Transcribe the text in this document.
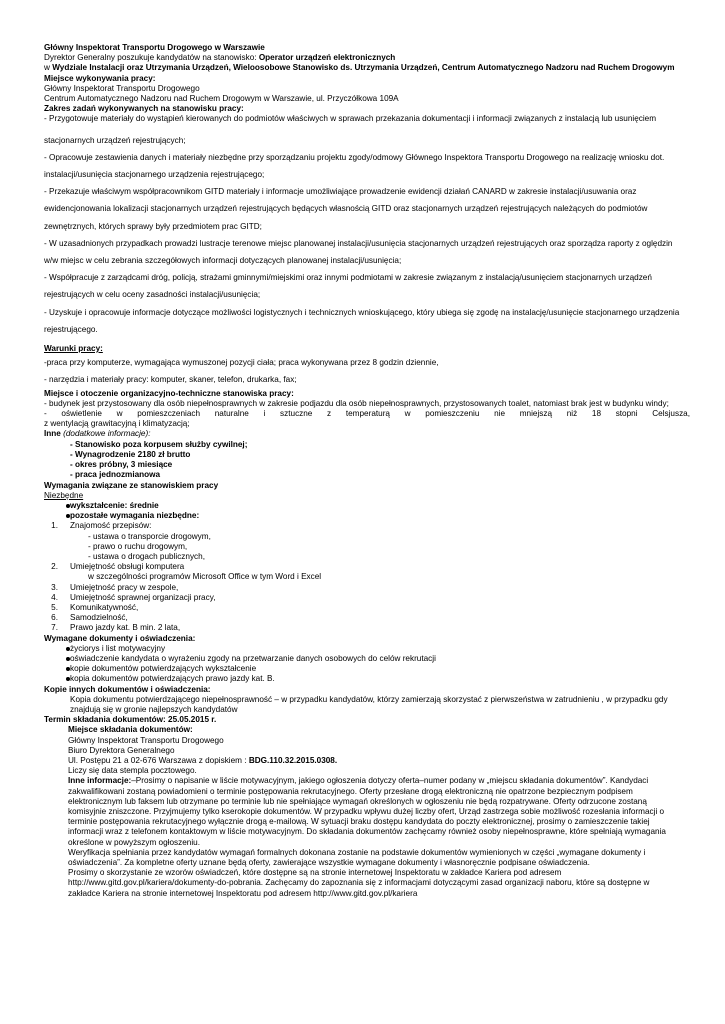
Główny Inspektorat Transportu Drogowego w Warszawie

Dyrektor Generalny poszukuje kandydatów na stanowisko: Operator urządzeń elektronicznych

w Wydziale Instalacji oraz Utrzymania Urządzeń, Wieloosobowe Stanowisko ds. Utrzymania Urządzeń, Centrum Automatycznego Nadzoru nad Ruchem Drogowym

Miejsce wykonywania pracy:

Główny Inspektorat Transportu Drogowego

Centrum Automatycznego Nadzoru nad Ruchem Drogowym w Warszawie, ul. Przyczółkowa 109A

Zakres zadań wykonywanych na stanowisku pracy:

- Przygotowuje materiały do wystąpień kierowanych do podmiotów właściwych w sprawach przekazania dokumentacji i informacji związanych z instalacją lub usunięciem

stacjonarnych urządzeń rejestrujących;

- Opracowuje zestawienia danych i materiały niezbędne przy sporządzaniu projektu zgody/odmowy Głównego Inspektora Transportu Drogowego na realizację wniosku dot.

instalacji/usunięcia stacjonarnego urządzenia rejestrującego;

- Przekazuje właściwym współpracownikom GITD materiały i informacje umożliwiające prowadzenie ewidencji działań CANARD w zakresie instalacji/usuwania oraz

ewidencjonowania lokalizacji stacjonarnych urządzeń rejestrujących będących własnością GITD oraz stacjonarnych urządzeń rejestrujących należących do podmiotów

zewnętrznych, których sprawy były przedmiotem prac GITD;

- W uzasadnionych przypadkach prowadzi lustracje terenowe miejsc planowanej instalacji/usunięcia stacjonarnych urządzeń rejestrujących oraz sporządza raporty z oględzin

w/w miejsc w celu zebrania szczegółowych informacji dotyczących planowanej instalacji/usunięcia;

- Współpracuje z zarządcami dróg, policją, strażami gminnymi/miejskimi oraz innymi podmiotami w zakresie związanym z instalacją/usunięciem stacjonarnych urządzeń

rejestrujących w celu oceny zasadności instalacji/usunięcia;

- Uzyskuje i opracowuje informacje dotyczące możliwości logistycznych i technicznych wnioskującego, który ubiega się zgodę na instalację/usunięcie stacjonarnego urządzenia

rejestrującego.

Warunki pracy:

-praca przy komputerze, wymagająca wymuszonej pozycji ciała; praca wykonywana przez 8 godzin dziennie,

- narzędzia i materiały pracy: komputer, skaner, telefon, drukarka, fax;

Miejsce i otoczenie organizacyjno-techniczne stanowiska pracy:

- budynek jest przystosowany dla osób niepełnosprawnych w zakresie podjazdu dla osób niepełnosprawnych, przystosowanych toalet, natomiast brak jest w budynku windy;

- oświetlenie w pomieszczeniach naturalne i sztuczne z temperaturą w pomieszczeniu nie mniejszą niż 18 stopni Celsjusza,

z wentylacją grawitacyjną i klimatyzacją;

Inne (dodatkowe informacje):

- Stanowisko poza korpusem służby cywilnej;

- Wynagrodzenie 2180 zł brutto

- okres próbny, 3 miesiące

- praca jednozmianowa

Wymagania związane ze stanowiskiem pracy

Niezbędne

wykształcenie: średnie
pozostałe wymagania niezbędne:
1.	Znajomość przepisów:

- ustawa o transporcie drogowym,

- prawo o ruchu drogowym,

- ustawa o drogach publicznych,

2.	Umiejętność obsługi komputera

w szczególności programów Microsoft Office w tym Word i Excel

3.	Umiejętność pracy w zespole,
4.	Umiejętność sprawnej organizacji pracy,
5.	Komunikatywność,
6.	Samodzielność,
7.	Prawo jazdy kat. B min. 2 lata,

Wymagane dokumenty i oświadczenia:

życiorys i list motywacyjny
oświadczenie kandydata o wyrażeniu zgody na przetwarzanie danych osobowych do celów rekrutacji
kopie dokumentów potwierdzających wykształcenie
kopia dokumentów potwierdzających prawo jazdy kat. B.

Kopie innych dokumentów i oświadczenia:

Kopia dokumentu potwierdzającego niepełnosprawność – w przypadku kandydatów, którzy zamierzają skorzystać z pierwszeństwa w zatrudnieniu , w przypadku gdy

znajdują się w gronie najlepszych kandydatów

Termin składania dokumentów: 25.05.2015 r.

Miejsce składania dokumentów:

Główny Inspektorat Transportu Drogowego

Biuro Dyrektora Generalnego

Ul. Postępu 21 a 02-676 Warszawa z dopiskiem : BDG.110.32.2015.0308.

Liczy się data stempla pocztowego.

Inne informacje:–Prosimy o napisanie w liście motywacyjnym, jakiego ogłoszenia dotyczy oferta–numer podany w „miejscu składania dokumentów”. Kandydaci

zakwalifikowani zostaną powiadomieni o terminie postępowania rekrutacyjnego. Oferty przesłane drogą elektroniczną nie opatrzone bezpiecznym podpisem

elektronicznym lub faksem lub otrzymane po terminie lub nie spełniające wymagań określonych w ogłoszeniu nie będą rozpatrywane. Oferty odrzucone zostaną

komisyjnie zniszczone. Przyjmujemy tylko kserokopie dokumentów. W przypadku wpływu dużej liczby ofert, Urząd zastrzega sobie możliwość rozesłania informacji o

terminie postępowania rekrutacyjnego wyłącznie drogą e-mailową. W sytuacji braku dostępu kandydata do poczty elektronicznej, prosimy o zamieszczenie takiej

informacji wraz z telefonem kontaktowym w liście motywacyjnym. Do składania dokumentów zachęcamy również osoby niepełnosprawne, które spełniają wymagania

określone w powyższym ogłoszeniu.

Weryfikacja spełniania przez kandydatów wymagań formalnych dokonana zostanie na podstawie dokumentów wymienionych w części „wymagane dokumenty i

oświadczenia”. Za kompletne oferty uznane będą oferty, zawierające wszystkie wymagane dokumenty i własnoręcznie podpisane oświadczenia.

Prosimy o skorzystanie ze wzorów oświadczeń, które dostępne są na stronie internetowej Inspektoratu w zakładce Kariera pod adresem

http://www.gitd.gov.pl/kariera/dokumenty-do-pobrania. Zachęcamy do zapoznania się z informacjami dotyczącymi zasad organizacji naboru, które są dostępne w

zakładce Kariera na stronie internetowej Inspektoratu pod adresem http://www.gitd.gov.pl/kariera
